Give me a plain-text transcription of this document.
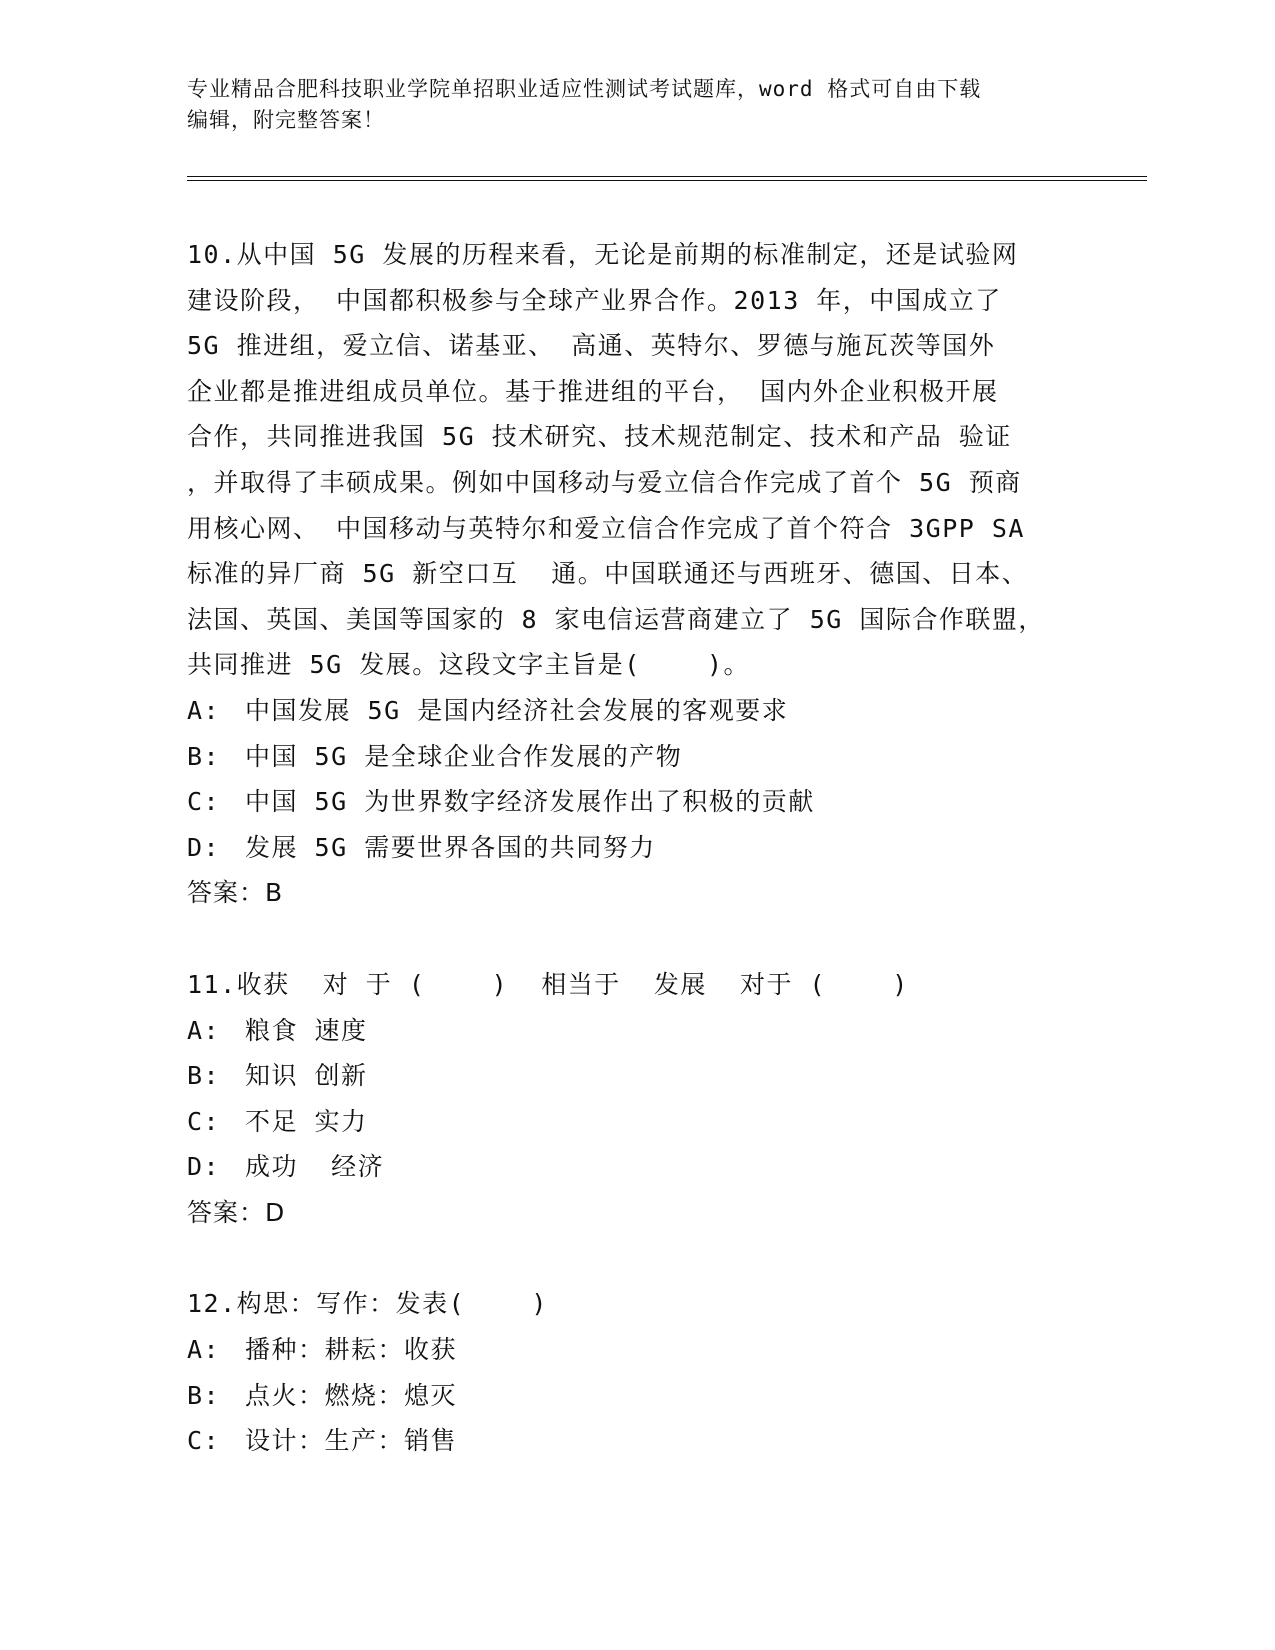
专业精品合肥科技职业学院单招职业适应性测试考试题库，word 格式可自由下载
编辑，附完整答案！

10.从中国 5G 发展的历程来看，无论是前期的标准制定，还是试验网
建设阶段， 中国都积极参与全球产业界合作。2013 年，中国成立了
5G 推进组，爱立信、诺基亚、 高通、英特尔、罗德与施瓦茨等国外
企业都是推进组成员单位。基于推进组的平台， 国内外企业积极开展
合作，共同推进我国 5G 技术研究、技术规范制定、技术和产品 验证
，并取得了丰硕成果。例如中国移动与爱立信合作完成了首个 5G 预商
用核心网、 中国移动与英特尔和爱立信合作完成了首个符合 3GPP SA
标准的异厂商 5G 新空口互  通。中国联通还与西班牙、德国、日本、
法国、英国、美国等国家的 8 家电信运营商建立了 5G 国际合作联盟，
共同推进 5G 发展。这段文字主旨是(    )。

A: 中国发展 5G 是国内经济社会发展的客观要求
B: 中国 5G 是全球企业合作发展的产物
C: 中国 5G 为世界数字经济发展作出了积极的贡献
D: 发展 5G 需要世界各国的共同努力
答案：B

11.收获  对 于 (    )  相当于  发展  对于 (    )

A: 粮食 速度
B: 知识 创新
C: 不足 实力
D: 成功  经济
答案：D

12.构思：写作：发表(    )

A: 播种：耕耘：收获
B: 点火：燃烧：熄灭
C: 设计：生产：销售
